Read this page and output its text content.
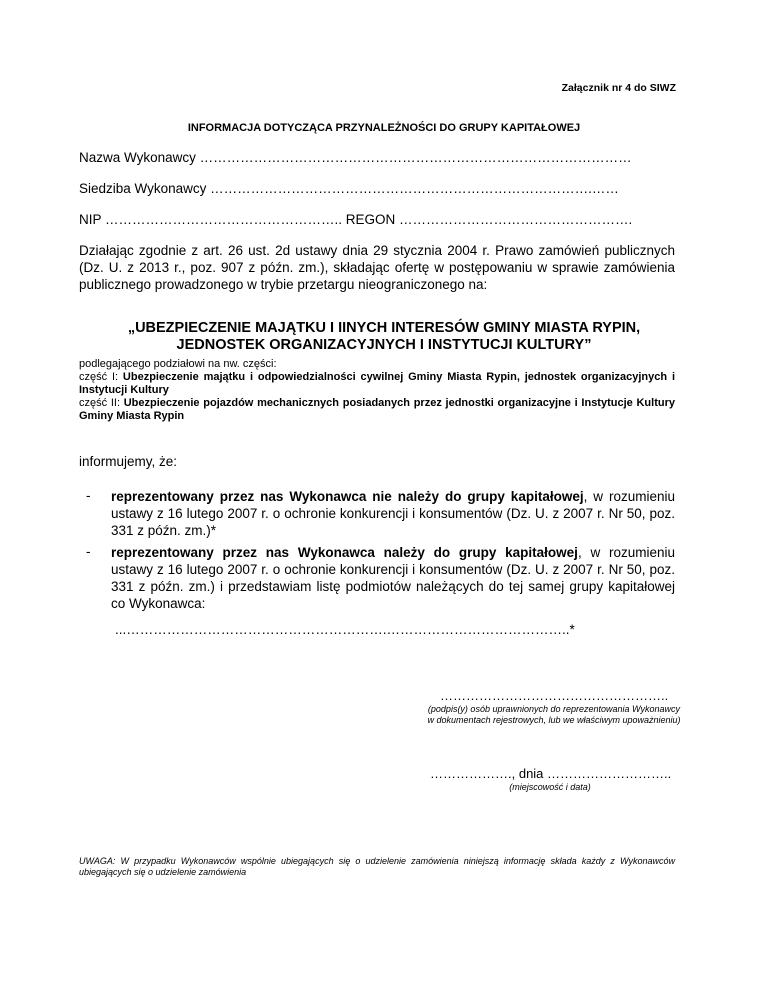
Załącznik nr 4 do SIWZ
INFORMACJA DOTYCZĄCA PRZYNALEŻNOŚCI DO GRUPY KAPITAŁOWEJ
Nazwa Wykonawcy ……………………………………………………………………………………
Siedziba Wykonawcy ………………………………………………………………………….……
NIP …………………………………………….. REGON …………………………………………….
Działając zgodnie z art. 26 ust. 2d ustawy dnia 29 stycznia 2004 r. Prawo zamówień publicznych (Dz. U. z 2013 r., poz. 907 z późn. zm.), składając ofertę w postępowaniu w sprawie zamówienia publicznego prowadzonego w trybie przetargu nieograniczonego na:
„UBEZPIECZENIE MAJĄTKU I IINYCH INTERESÓW GMINY MIASTA RYPIN,
JEDNOSTEK ORGANIZACYJNYCH I INSTYTUCJI KULTURY”
podlegającego podziałowi na nw. części:
część I: Ubezpieczenie majątku i odpowiedzialności cywilnej Gminy Miasta Rypin, jednostek organizacyjnych i Instytucji Kultury
część II: Ubezpieczenie pojazdów mechanicznych posiadanych przez jednostki organizacyjne i Instytucje Kultury Gminy Miasta Rypin
informujemy, że:
- reprezentowany przez nas Wykonawca nie należy do grupy kapitałowej, w rozumieniu ustawy z 16 lutego 2007 r. o ochronie konkurencji i konsumentów (Dz. U. z 2007 r. Nr 50, poz. 331 z późn. zm.)*
- reprezentowany przez nas Wykonawca należy do grupy kapitałowej, w rozumieniu ustawy z 16 lutego 2007 r. o ochronie konkurencji i konsumentów (Dz. U. z 2007 r. Nr 50, poz. 331 z późn. zm.) i przedstawiam listę podmiotów należących do tej samej grupy kapitałowej co Wykonawca:
...………………………………………………….…………………………………..*
……………………………………………..
(podpis(y) osób uprawnionych do reprezentowania Wykonawcy w dokumentach rejestrowych, lub we właściwym upoważnieniu)
………………., dnia ………………………..
(miejscowość i data)
UWAGA: W przypadku Wykonawców wspólnie ubiegających się o udzielenie zamówienia niniejszą informację składa każdy z Wykonawców ubiegających się o udzielenie zamówienia
